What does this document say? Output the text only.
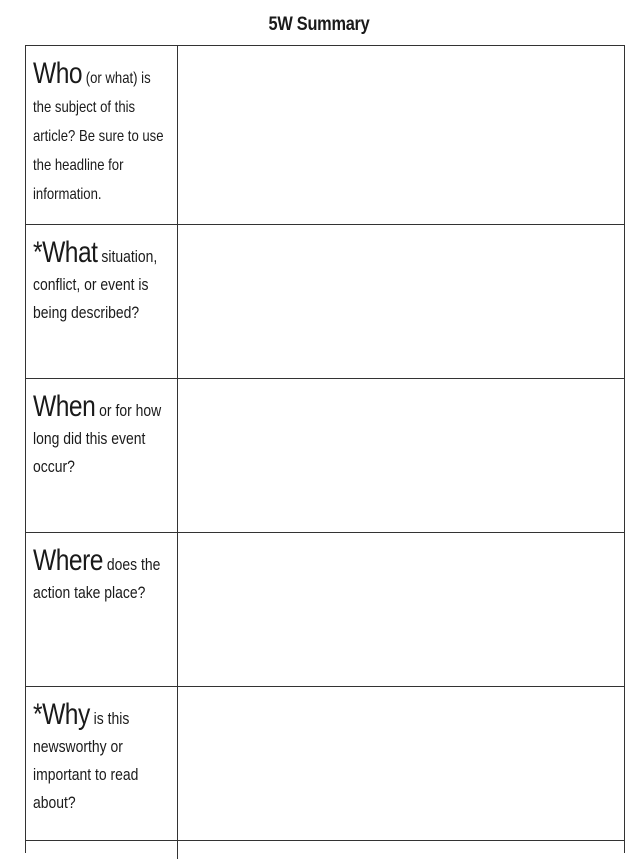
5W Summary
Who (or what) is the subject of this article? Be sure to use the headline for information.
*What situation, conflict, or event is being described?
When or for how long did this event occur?
Where does the action take place?
*Why is this newsworthy or important to read about?
